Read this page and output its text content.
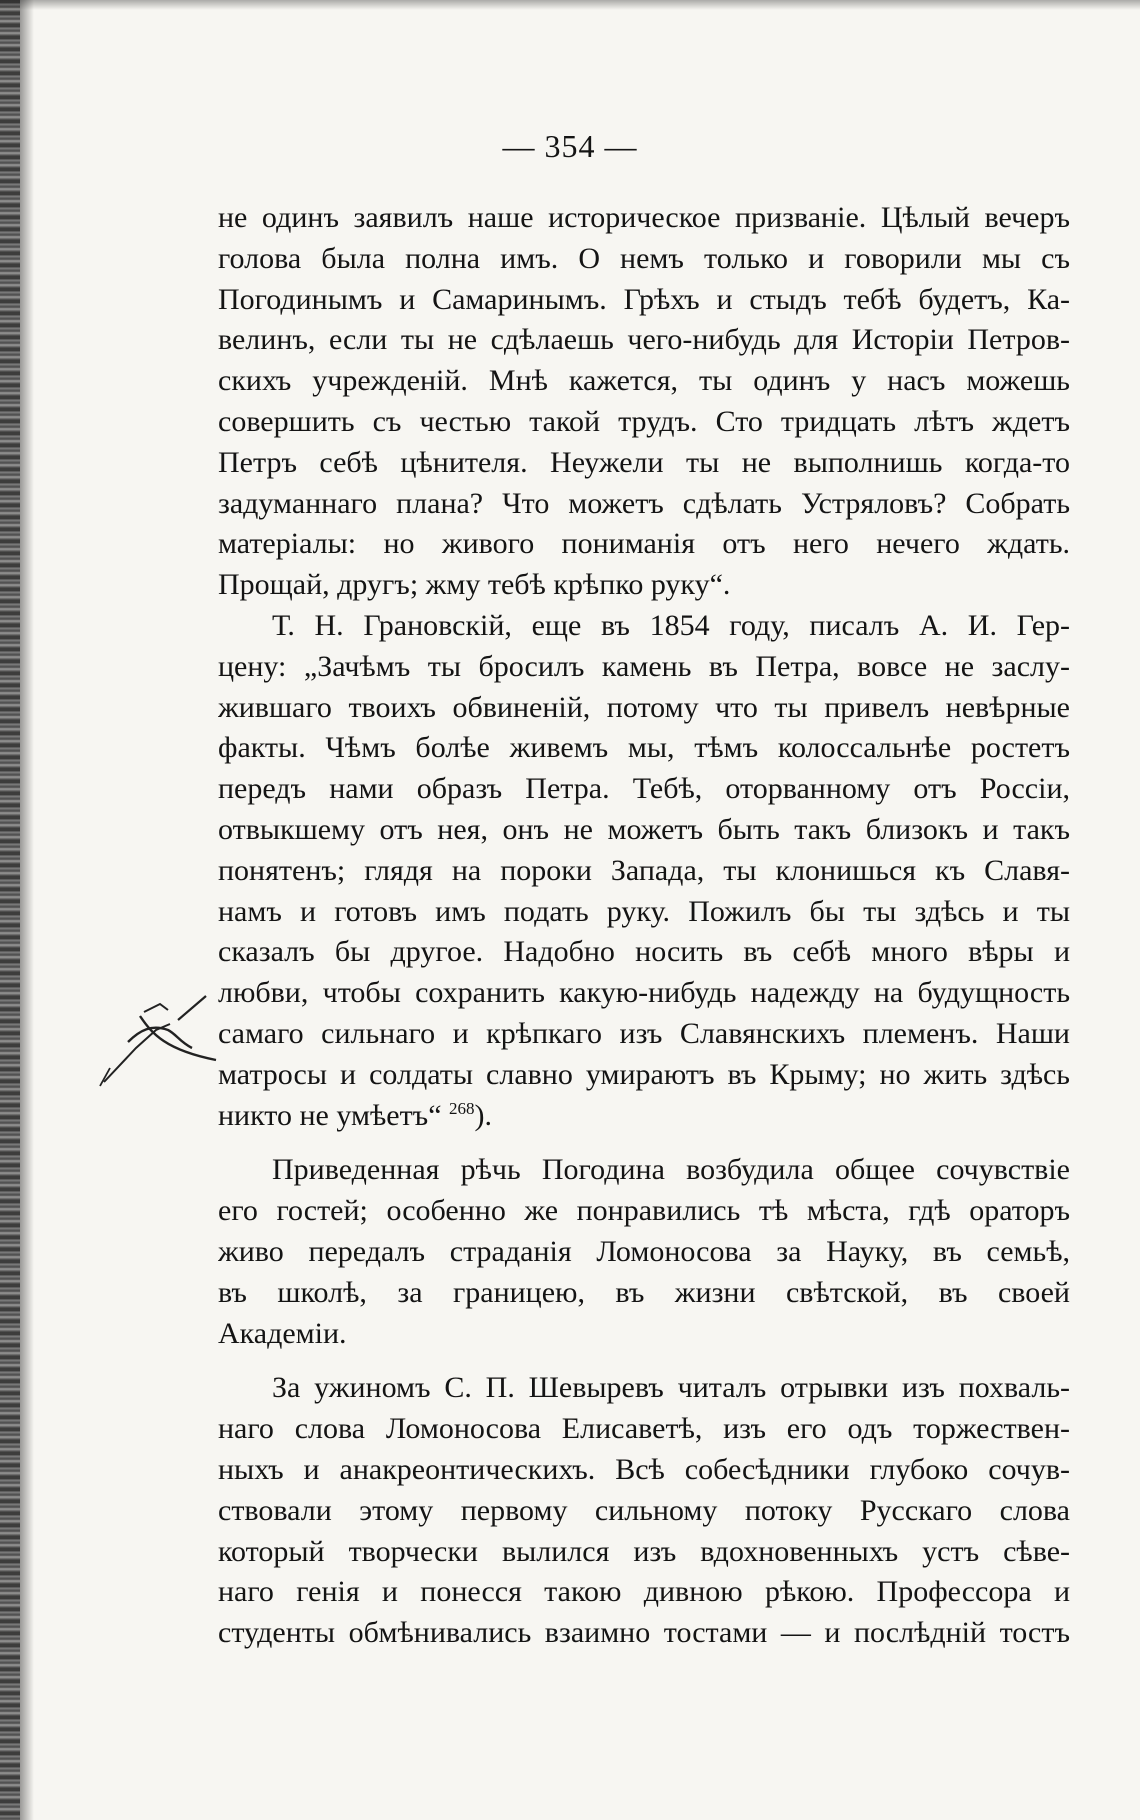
— 354 —
не одинъ заявилъ наше историческое призванiе. Цѣлый вечеръ
голова была полна имъ. О немъ только и говорили мы съ
Погодинымъ и Самаринымъ. Грѣхъ и стыдъ тебѣ будетъ, Ка-
велинъ, если ты не сдѣлаешь чего-нибудь для Исторiи Петров-
скихъ учрежденiй. Мнѣ кажется, ты одинъ у насъ можешь
совершить съ честью такой трудъ. Сто тридцать лѣтъ ждетъ
Петръ себѣ цѣнителя. Неужели ты не выполнишь когда-то
задуманнаго плана? Что можетъ сдѣлать Устряловъ? Собрать
матерiалы: но живого пониманiя отъ него нечего ждать.
Прощай, другъ; жму тебѣ крѣпко руку“.
Т. Н. Грановскiй, еще въ 1854 году, писалъ А. И. Гер-
цену: „Зачѣмъ ты бросилъ камень въ Петра, вовсе не заслу-
жившаго твоихъ обвиненiй, потому что ты привелъ невѣрные
факты. Чѣмъ болѣе живемъ мы, тѣмъ колоссальнѣе ростетъ
передъ нами образъ Петра. Тебѣ, оторванному отъ Россiи,
отвыкшему отъ нея, онъ не можетъ быть такъ близокъ и такъ
понятенъ; глядя на пороки Запада, ты клонишься къ Славя-
намъ и готовъ имъ подать руку. Пожилъ бы ты здѣсь и ты
сказалъ бы другое. Надобно носить въ себѣ много вѣры и
любви, чтобы сохранить какую-нибудь надежду на будущность
самаго сильнаго и крѣпкаго изъ Славянскихъ племенъ. Наши
матросы и солдаты славно умираютъ въ Крыму; но жить здѣсь
никто не умѣетъ“ $^{268}$).
Приведенная рѣчь Погодина возбудила общее сочувствiе
его гостей; особенно же понравились тѣ мѣста, гдѣ ораторъ
живо передалъ страданiя Ломоносова за Науку, въ семьѣ,
въ школѣ, за границею, въ жизни свѣтской, въ своей
Академiи.
За ужиномъ С. П. Шевыревъ читалъ отрывки изъ похваль-
наго слова Ломоносова Елисаветѣ, изъ его одъ торжествен-
ныхъ и анакреонтическихъ. Всѣ собесѣдники глубоко сочув-
ствовали этому первому сильному потоку Русскаго слова
который творчески вылился изъ вдохновенныхъ устъ сѣве-
наго генiя и понесся такою дивною рѣкою. Профессора и
студенты обмѣнивались взаимно тостами — и послѣднiй тостъ
